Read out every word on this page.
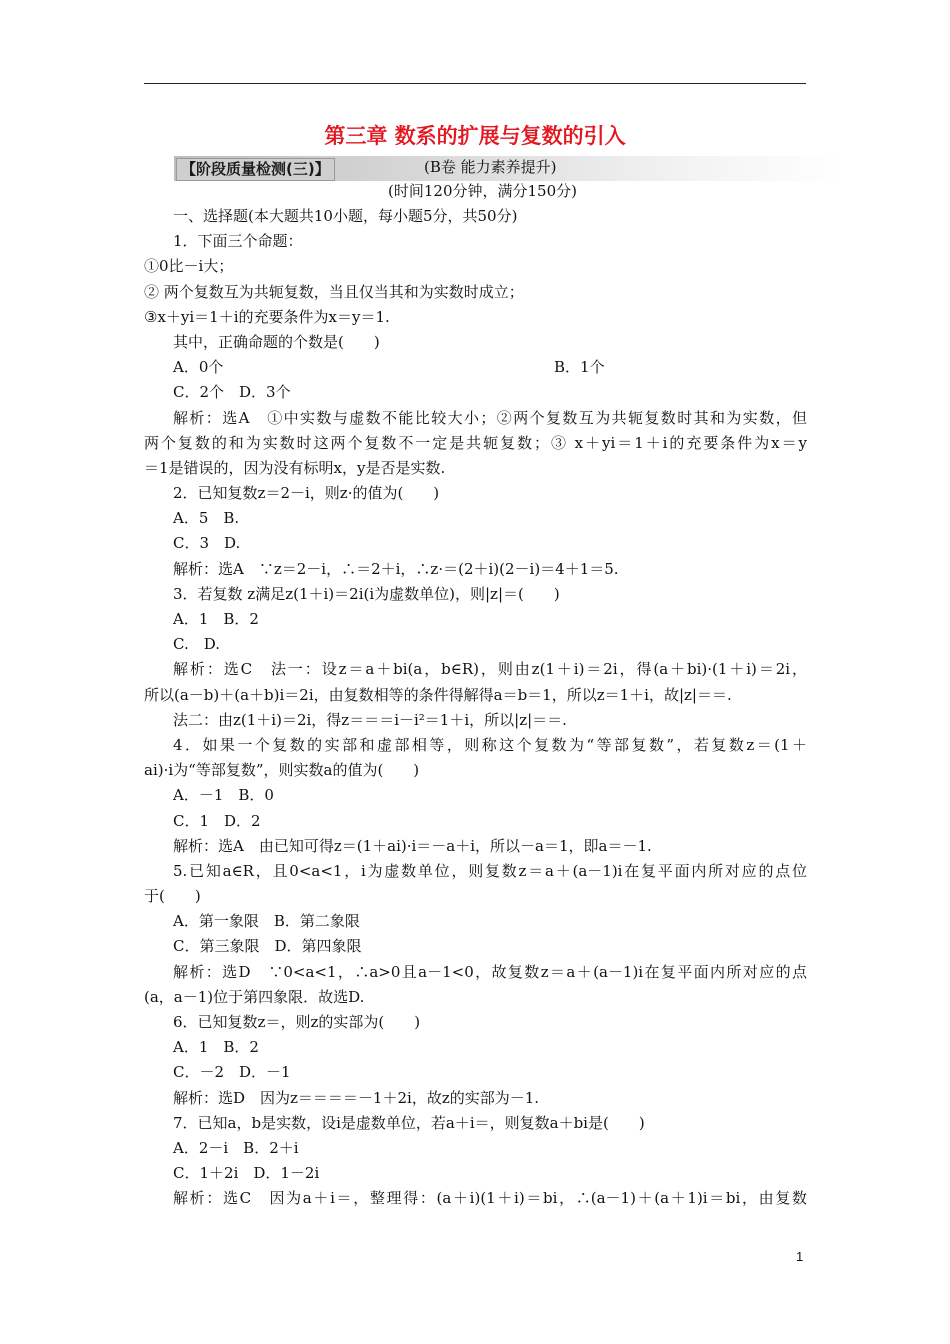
第三章 数系的扩展与复数的引入
【阶段质量检测(三)】	(B卷 能力素养提升)
(时间120分钟，满分150分)
一、选择题(本大题共10小题，每小题5分，共50分)
1．下面三个命题：
①0比－i大；
② 两个复数互为共轭复数，当且仅当其和为实数时成立；
③x＋yi＝1＋i的充要条件为x＝y＝1.
其中，正确命题的个数是(　　)
A．0个	B．1个
C．2个　D．3个
解析：选A　①中实数与虚数不能比较大小；②两个复数互为共轭复数时其和为实数，但
两个复数的和为实数时这两个复数不一定是共轭复数；③ x＋yi＝1＋i的充要条件为x＝y
＝1是错误的，因为没有标明x，y是否是实数.
2．已知复数z＝2－i，则z·的值为(　　)
A．5　B.
C．3　D.
解析：选A　∵z＝2－i，∴＝2＋i，∴z·＝(2＋i)(2－i)＝4＋1＝5.
3．若复数 z满足z(1＋i)＝2i(i为虚数单位)，则|z|＝(　　)
A．1　B．2
C.　D.
解析：选C　法一：设z＝a＋bi(a，b∈R)，则由z(1＋i)＝2i，得(a＋bi)·(1＋i)＝2i，
所以(a－b)＋(a＋b)i＝2i，由复数相等的条件得解得a＝b＝1，所以z＝1＋i，故|z|＝＝.
法二：由z(1＋i)＝2i，得z＝＝＝i－i²＝1＋i，所以|z|＝＝.
4．如果一个复数的实部和虚部相等，则称这个复数为“等部复数”，若复数z＝(1＋
ai)·i为“等部复数”，则实数a的值为(　　)
A．－1　B．0
C．1　D．2
解析：选A　由已知可得z＝(1＋ai)·i＝－a＋i，所以－a＝1，即a＝－1.
5.已知a∈R，且0<a<1，i为虚数单位，则复数z＝a＋(a－1)i在复平面内所对应的点位
于(　　)
A．第一象限　B．第二象限
C．第三象限　D．第四象限
解析：选D　∵0<a<1，∴a>0且a－1<0，故复数z＝a＋(a－1)i在复平面内所对应的点
(a，a－1)位于第四象限．故选D.
6．已知复数z＝，则z的实部为(　　)
A．1　B．2
C．－2　D．－1
解析：选D　因为z＝＝＝＝－1＋2i，故z的实部为－1.
7．已知a，b是实数，设i是虚数单位，若a＋i＝，则复数a＋bi是(　　)
A．2－i　B．2＋i
C．1＋2i　D．1－2i
解析：选C　因为a＋i＝，整理得：(a＋i)(1＋i)＝bi，∴(a－1)＋(a＋1)i＝bi，由复数
1
